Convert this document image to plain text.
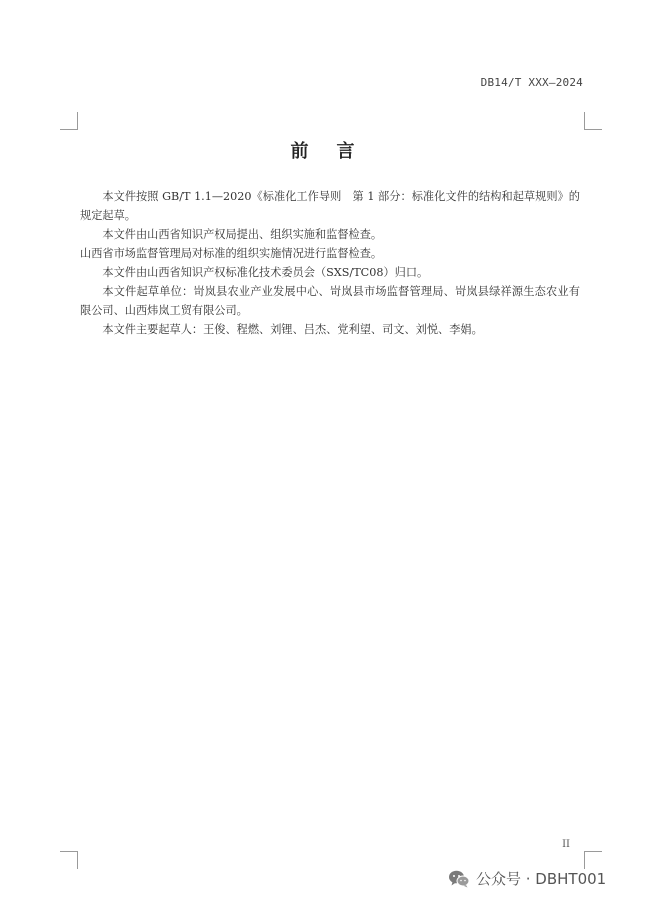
DB14/T XXX—2024
前言

本文件按照 GB/T 1.1—2020《标准化工作导则　第 1 部分：标准化文件的结构和起草规则》的规定起草。

本文件由山西省知识产权局提出、组织实施和监督检查。

山西省市场监督管理局对标准的组织实施情况进行监督检查。

本文件由山西省知识产权标准化技术委员会（SXS/TC08）归口。

本文件起草单位：岢岚县农业产业发展中心、岢岚县市场监督管理局、岢岚县绿祥源生态农业有限公司、山西炜岚工贸有限公司。

本文件主要起草人：王俊、程燃、刘锂、吕杰、党利望、司文、刘悦、李娟。

II
公众号 · DBHT001
